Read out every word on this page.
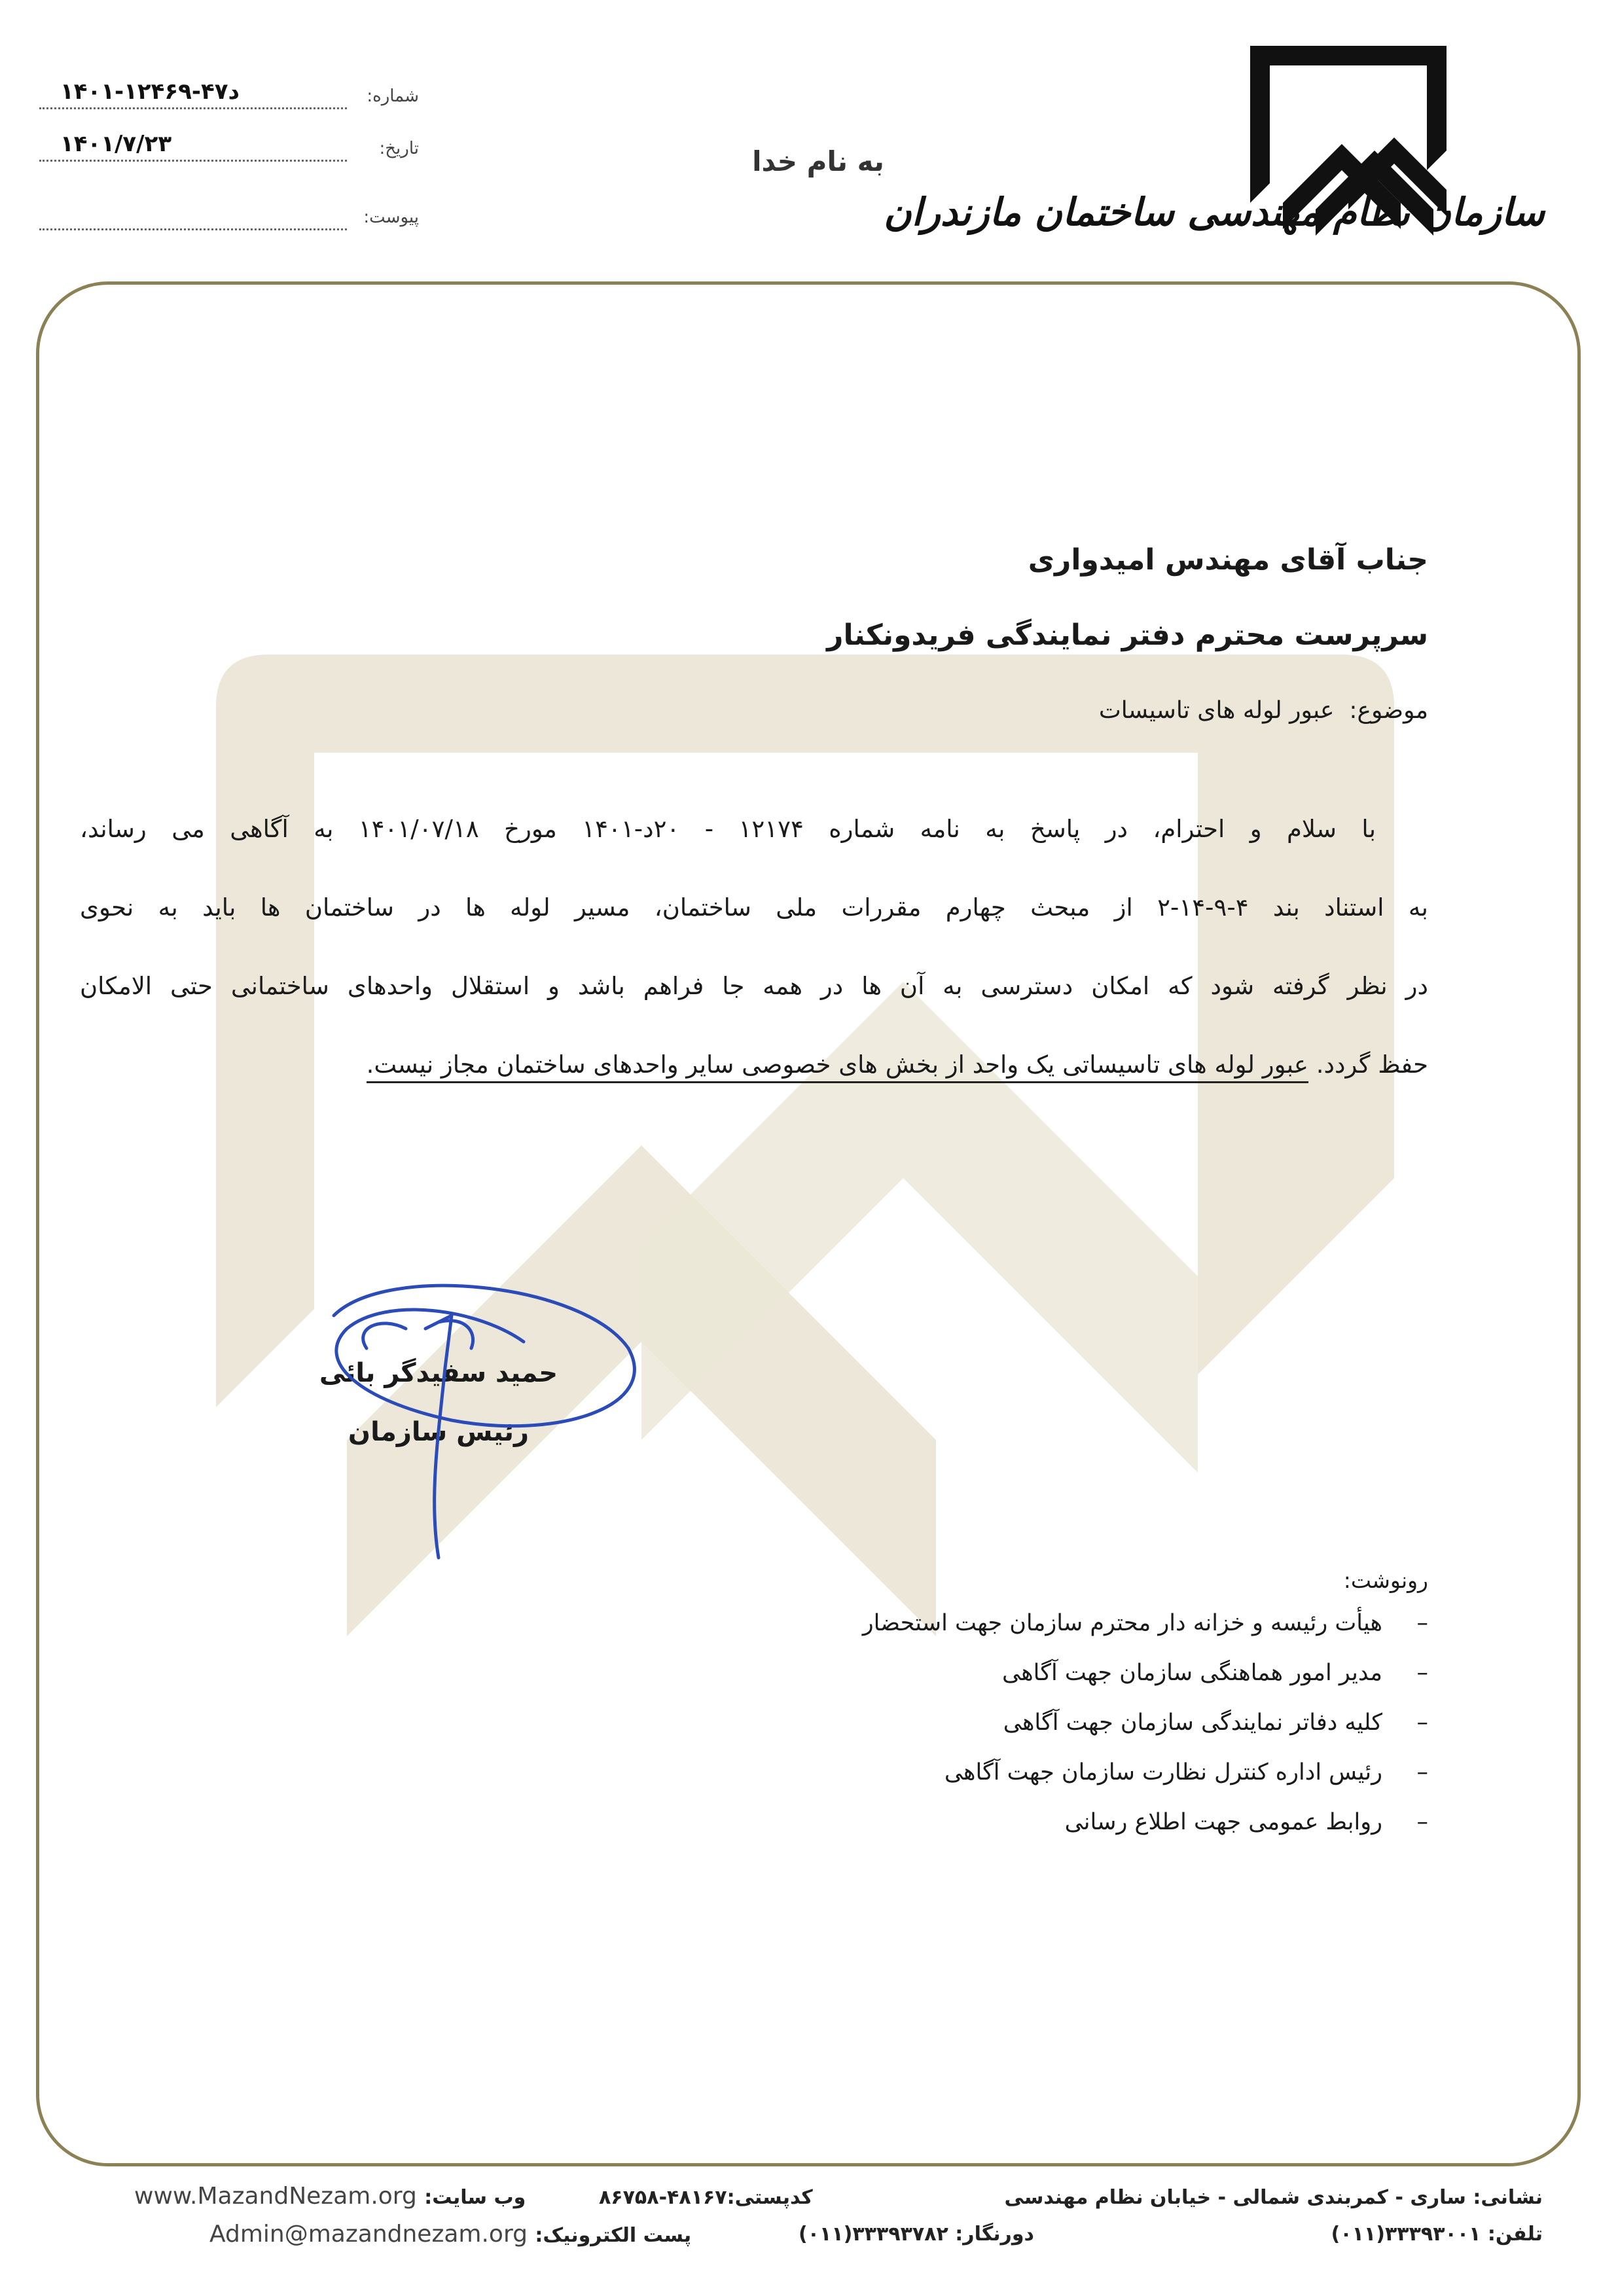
سازمان نظام مهندسی ساختمان مازندران
به نام خدا
شماره:
۱۴۰۱-د۴۷-۱۲۴۶۹
تاریخ:
۱۴۰۱/۷/۲۳
پیوست:
جناب آقای مهندس امیدواری
سرپرست محترم دفتر نمایندگی فریدونکنار
موضوع:  عبور لوله های تاسیسات
با سلام و احترام، در پاسخ به نامه شماره ۱۲۱۷۴ - ۲۰د-۱۴۰۱ مورخ ۱۴۰۱/۰۷/۱۸ به آگاهی می رساند،
به استناد بند ۴-۹-۱۴-۲ از مبحث چهارم مقررات ملی ساختمان، مسیر لوله ها در ساختمان ها باید به نحوی
در نظر گرفته شود که امکان دسترسی به آن ها در همه جا فراهم باشد و استقلال واحدهای ساختمانی حتی الامکان
حفظ گردد. عبور لوله های تاسیساتی یک واحد از بخش های خصوصی سایر واحدهای ساختمان مجاز نیست.
حمید سفیدگر بائی
رئیس سازمان
رونوشت:
–هیأت رئیسه و خزانه دار محترم سازمان جهت استحضار
–مدیر امور هماهنگی سازمان جهت آگاهی
–کلیه دفاتر نمایندگی سازمان جهت آگاهی
–رئیس اداره کنترل نظارت سازمان جهت آگاهی
–روابط عمومی جهت اطلاع رسانی
نشانی: ساری - کمربندی شمالی - خیابان نظام مهندسی
کدپستی:۴۸۱۶۷-۸۶۷۵۸
www.MazandNezam.org وب سایت:
تلفن: ۳۳۳۹۳۰۰۱(۰۱۱)
دورنگار: ۳۳۳۹۳۷۸۲(۰۱۱)
Admin@mazandnezam.org پست الکترونیک:
